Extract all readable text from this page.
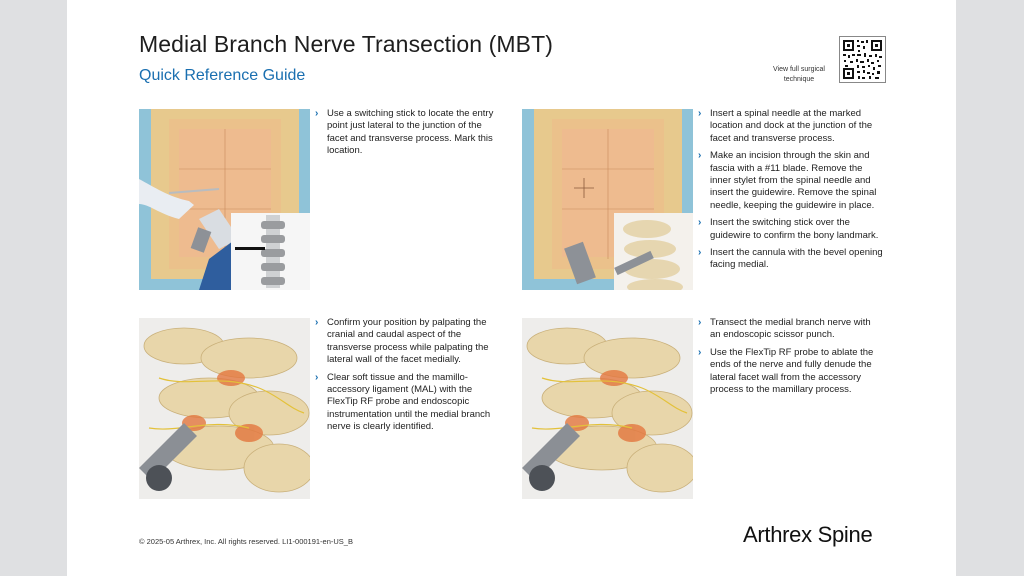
Medial Branch Nerve Transection (MBT)
Quick Reference Guide	View full surgical technique
› Use a switching stick to locate the entry point just lateral to the junction of the facet and transverse process. Mark this location.
› Insert a spinal needle at the marked location and dock at the junction of the facet and transverse process.
› Make an incision through the skin and fascia with a #11 blade. Remove the inner stylet from the spinal needle and insert the guidewire. Remove the spinal needle, keeping the guidewire in place.
› Insert the switching stick over the guidewire to confirm the bony landmark.
› Insert the cannula with the bevel opening facing medial.
› Confirm your position by palpating the cranial and caudal aspect of the transverse process while palpating the lateral wall of the facet medially.
› Clear soft tissue and the mamillo-accessory ligament (MAL) with the FlexTip RF probe and endoscopic instrumentation until the medial branch nerve is clearly identified.
› Transect the medial branch nerve with an endoscopic scissor punch.
› Use the FlexTip RF probe to ablate the ends of the nerve and fully denude the lateral facet wall from the accessory process to the mamillary process.
© 2025-05 Arthrex, Inc. All rights reserved. LI1-000191-en-US_B	Arthrex Spine
